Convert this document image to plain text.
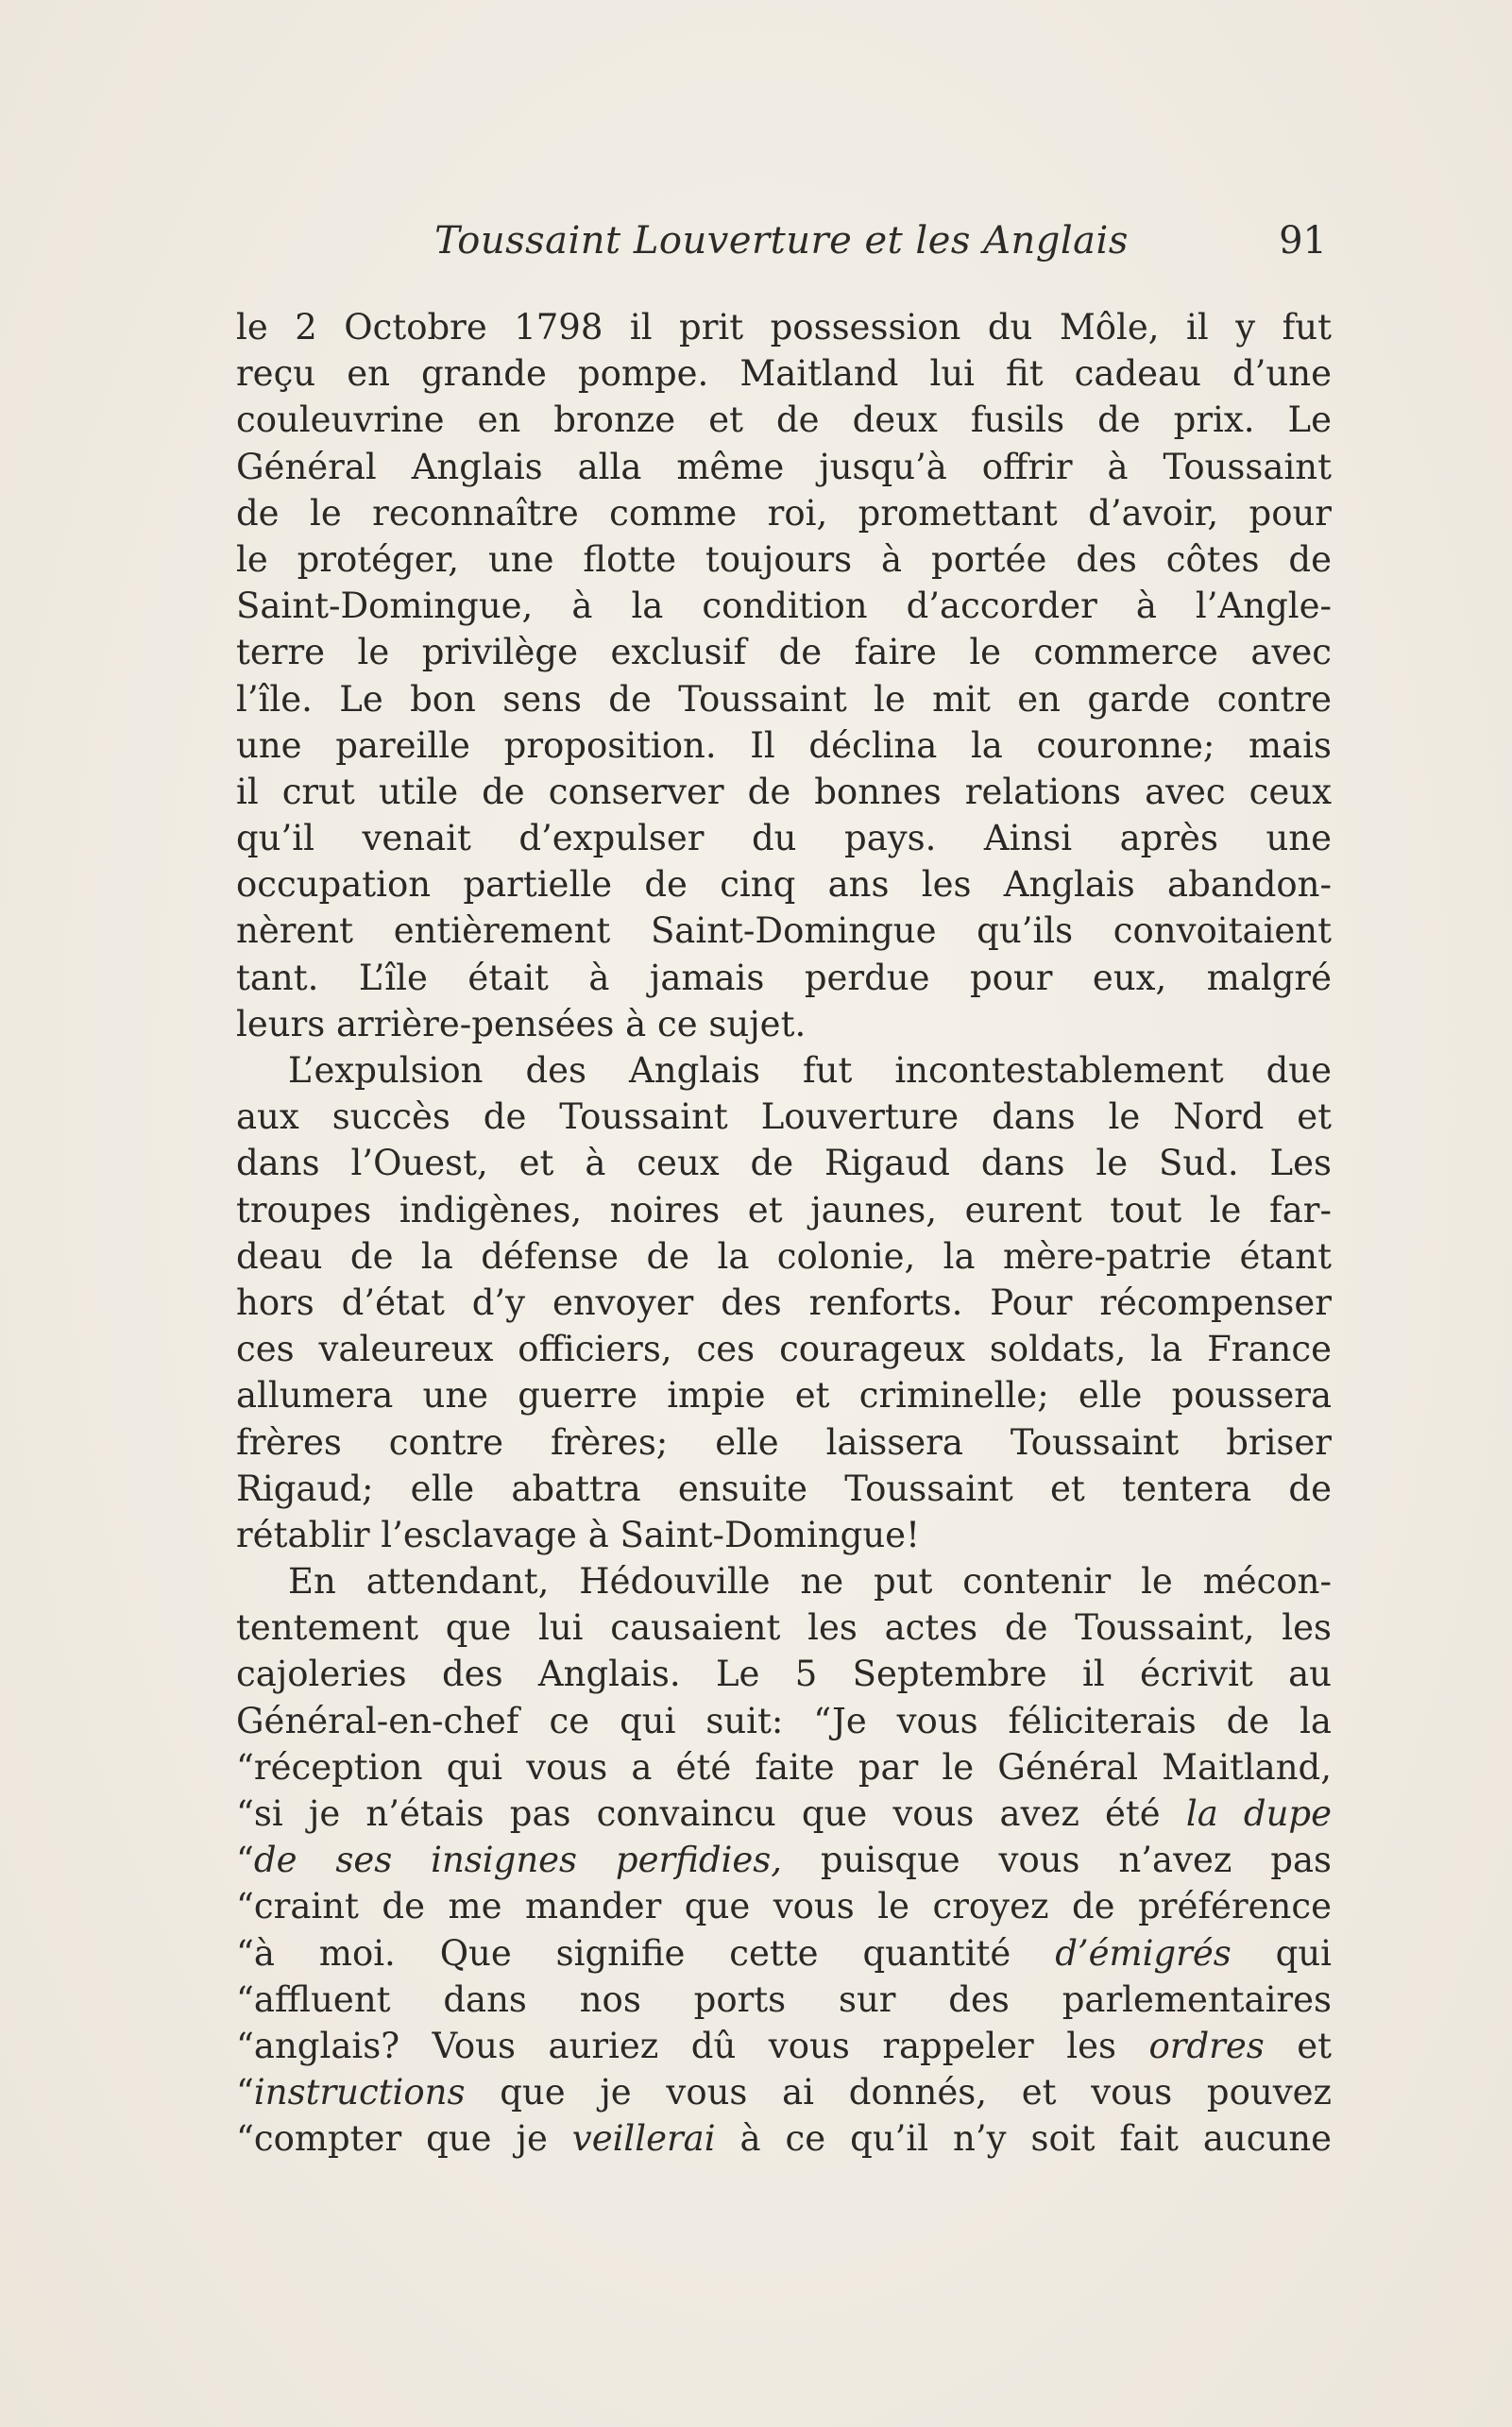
Toussaint Louverture et les Anglais	91
le 2 Octobre 1798 il prit possession du Môle, il y fut
reçu en grande pompe. Maitland lui fit cadeau d’une
couleuvrine en bronze et de deux fusils de prix. Le
Général Anglais alla même jusqu’à offrir à Toussaint
de le reconnaître comme roi, promettant d’avoir, pour
le protéger, une flotte toujours à portée des côtes de
Saint-Domingue, à la condition d’accorder à l’Angle-
terre le privilège exclusif de faire le commerce avec
l’île. Le bon sens de Toussaint le mit en garde contre
une pareille proposition. Il déclina la couronne; mais
il crut utile de conserver de bonnes relations avec ceux
qu’il venait d’expulser du pays. Ainsi après une
occupation partielle de cinq ans les Anglais abandon-
nèrent entièrement Saint-Domingue qu’ils convoitaient
tant. L’île était à jamais perdue pour eux, malgré
leurs arrière-pensées à ce sujet.
L’expulsion des Anglais fut incontestablement due
aux succès de Toussaint Louverture dans le Nord et
dans l’Ouest, et à ceux de Rigaud dans le Sud. Les
troupes indigènes, noires et jaunes, eurent tout le far-
deau de la défense de la colonie, la mère-patrie étant
hors d’état d’y envoyer des renforts. Pour récompenser
ces valeureux officiers, ces courageux soldats, la France
allumera une guerre impie et criminelle; elle poussera
frères contre frères; elle laissera Toussaint briser
Rigaud; elle abattra ensuite Toussaint et tentera de
rétablir l’esclavage à Saint-Domingue!
En attendant, Hédouville ne put contenir le mécon-
tentement que lui causaient les actes de Toussaint, les
cajoleries des Anglais. Le 5 Septembre il écrivit au
Général-en-chef ce qui suit: “Je vous féliciterais de la
“réception qui vous a été faite par le Général Maitland,
“si je n’étais pas convaincu que vous avez été la dupe
“de ses insignes perfidies, puisque vous n’avez pas
“craint de me mander que vous le croyez de préférence
“à moi. Que signifie cette quantité d’émigrés qui
“affluent dans nos ports sur des parlementaires
“anglais? Vous auriez dû vous rappeler les ordres et
“instructions que je vous ai donnés, et vous pouvez
“compter que je veillerai à ce qu’il n’y soit fait aucune
